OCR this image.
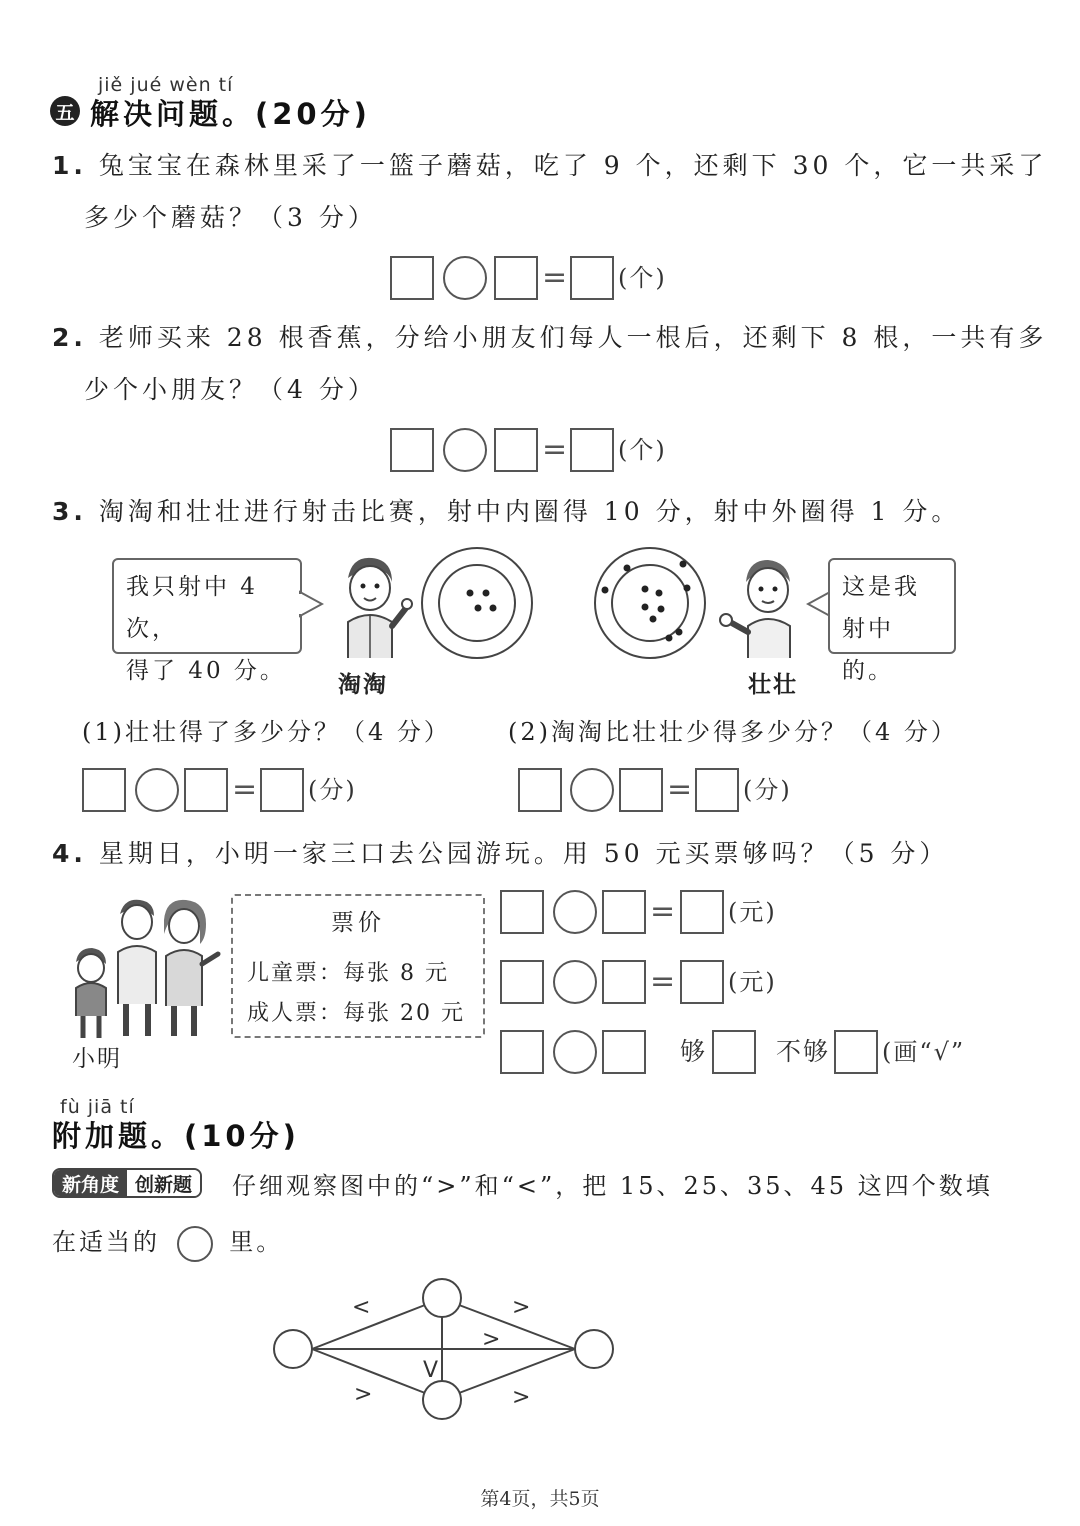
jiě jué wèn tí
五 解决问题。(20分)
1. 兔宝宝在森林里采了一篮子蘑菇，吃了 9 个，还剩下 30 个，它一共采了
多少个蘑菇？（3 分）
= (个)
2. 老师买来 28 根香蕉，分给小朋友们每人一根后，还剩下 8 根，一共有多
少个小朋友？（4 分）
= (个)
3. 淘淘和壮壮进行射击比赛，射中内圈得 10 分，射中外圈得 1 分。
我只射中 4 次，
得了 40 分。
这是我
射中的。
淘淘	壮壮
(1)壮壮得了多少分？（4 分） (2)淘淘比壮壮少得多少分？（4 分）
= (分)	= (分)
4. 星期日，小明一家三口去公园游玩。用 50 元买票够吗？（5 分）
小明
票价
儿童票：每张 8 元
成人票：每张 20 元
= (元)
= (元)
够	不够 (画“√”
fù jiā tí
附加题。(10分)
新角度 创新题	仔细观察图中的“>”和“<”，把 15、25、35、45 这四个数填
在适当的	里。
<	>
>
V
>	>
第4页，共5页
